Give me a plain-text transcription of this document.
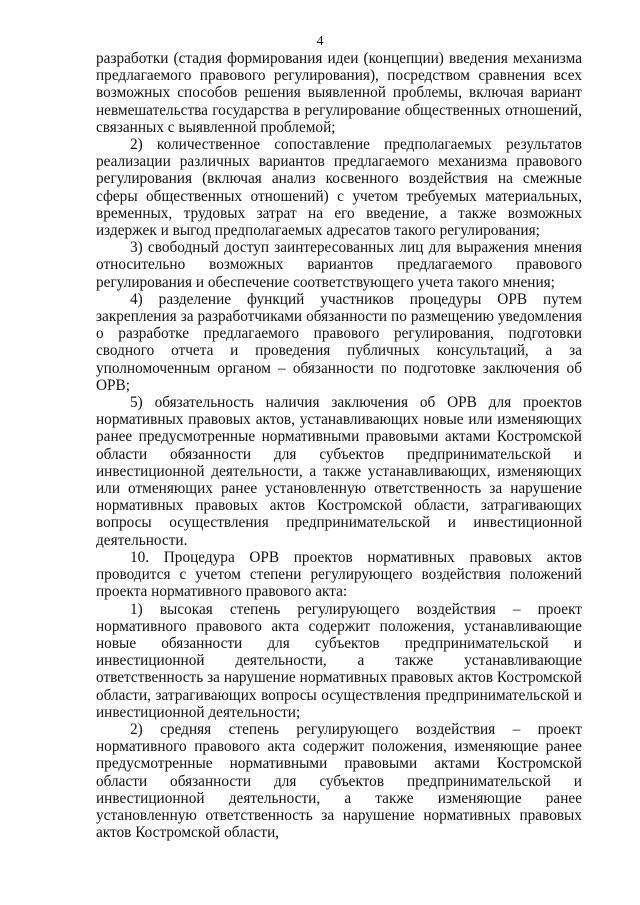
4

разработки (стадия формирования идеи (концепции) введения механизма предлагаемого правового регулирования), посредством сравнения всех возможных способов решения выявленной проблемы, включая вариант невмешательства государства в регулирование общественных отношений, связанных с выявленной проблемой;

2) количественное сопоставление предполагаемых результатов реализации различных вариантов предлагаемого механизма правового регулирования (включая анализ косвенного воздействия на смежные сферы общественных отношений) с учетом требуемых материальных, временных, трудовых затрат на его введение, а также возможных издержек и выгод предполагаемых адресатов такого регулирования;

3) свободный доступ заинтересованных лиц для выражения мнения относительно возможных вариантов предлагаемого правового регулирования и обеспечение соответствующего учета такого мнения;

4) разделение функций участников процедуры ОРВ путем закрепления за разработчиками обязанности по размещению уведомления о разработке предлагаемого правового регулирования, подготовки сводного отчета и проведения публичных консультаций, а за уполномоченным органом – обязанности по подготовке заключения об ОРВ;

5) обязательность наличия заключения об ОРВ для проектов нормативных правовых актов, устанавливающих новые или изменяющих ранее предусмотренные нормативными правовыми актами Костромской области обязанности для субъектов предпринимательской и инвестиционной деятельности, а также устанавливающих, изменяющих или отменяющих ранее установленную ответственность за нарушение нормативных правовых актов Костромской области, затрагивающих вопросы осуществления предпринимательской и инвестиционной деятельности.

10. Процедура ОРВ проектов нормативных правовых актов проводится с учетом степени регулирующего воздействия положений проекта нормативного правового акта:

1) высокая степень регулирующего воздействия – проект нормативного правового акта содержит положения, устанавливающие новые обязанности для субъектов предпринимательской и инвестиционной деятельности, а также устанавливающие ответственность за нарушение нормативных правовых актов Костромской области, затрагивающих вопросы осуществления предпринимательской и инвестиционной деятельности;

2) средняя степень регулирующего воздействия – проект нормативного правового акта содержит положения, изменяющие ранее предусмотренные нормативными правовыми актами Костромской области обязанности для субъектов предпринимательской и инвестиционной деятельности, а также изменяющие ранее установленную ответственность за нарушение нормативных правовых актов Костромской области,
